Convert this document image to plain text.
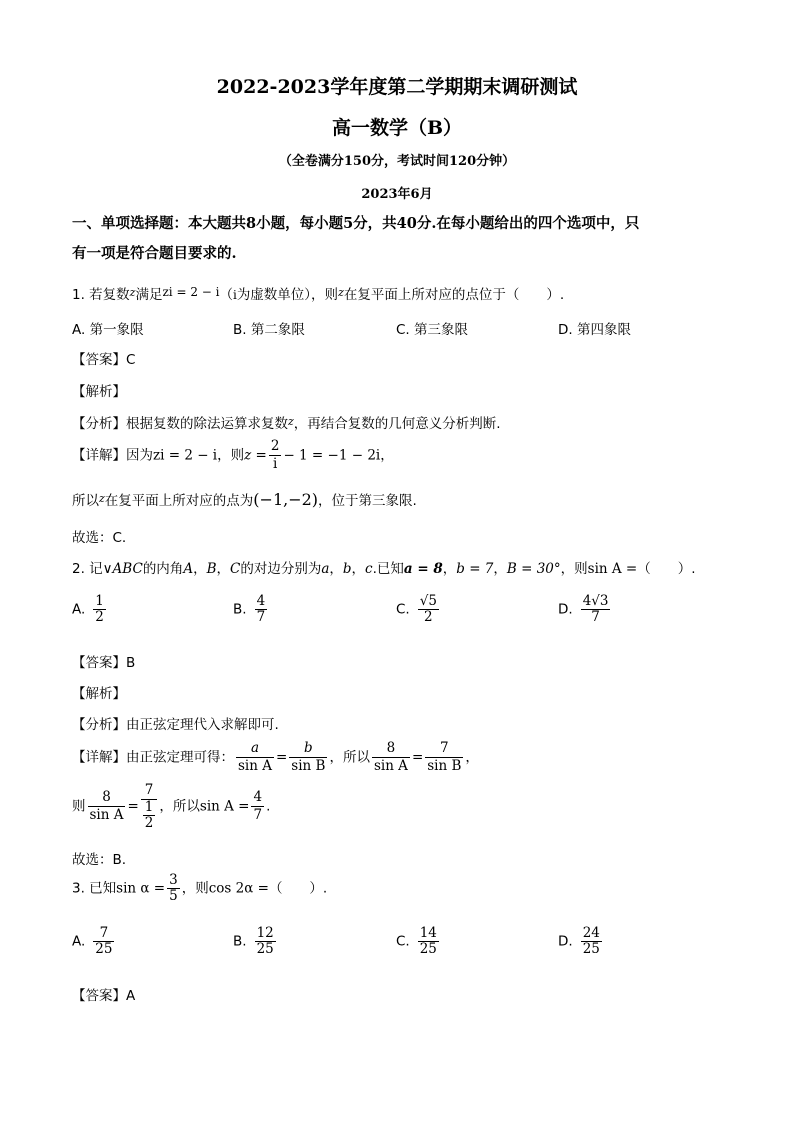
2022-2023学年度第二学期期末调研测试
高一数学（B）
（全卷满分150分，考试时间120分钟）
2023年6月
一、单项选择题：本大题共8小题，每小题5分，共40分.在每小题给出的四个选项中，只
有一项是符合题目要求的.
1. 若复数$^z$满足zi = 2 − i（i为虚数单位），则$^z$在复平面上所对应的点位于（　　）.
A. 第一象限	B. 第二象限	C. 第三象限	D. 第四象限
【答案】C
【解析】
【分析】根据复数的除法运算求复数$^z$，再结合复数的几何意义分析判断.
【详解】因为zi = 2 − i，则$z = \frac{2}{i} - 1 = -1 - 2i$，
所以$^z$在复平面上所对应的点为(−1,−2)，位于第三象限.
故选：C.
2. 记∨ABC的内角A，B，C的对边分别为a，b，c.已知a = 8，b = 7，B = 30°，则sin A =（　　）.
A. $\frac{1}{2}$	B. $\frac{4}{7}$	C. $\frac{√5}{2}$	D. $\frac{4√3}{7}$
【答案】B
【解析】
【分析】由正弦定理代入求解即可.
【详解】由正弦定理可得： $\frac{a}{\text{sin A}} = \frac{b}{\text{sin B}}$ ，所以 $\frac{8}{\text{sin A}} = \frac{7}{\text{sin B}}$ ，
则 $\frac{8}{\text{sin A}} = \frac{7}{\frac{1}{2}}$ ，所以$\sin A = \frac{4}{7}$ .
故选：B.
3. 已知$\sin \alpha = \frac{3}{5}$ ，则cos 2α =（　　）.
A. $\frac{7}{25}$	B. $\frac{12}{25}$	C. $\frac{14}{25}$	D. $\frac{24}{25}$
【答案】A
